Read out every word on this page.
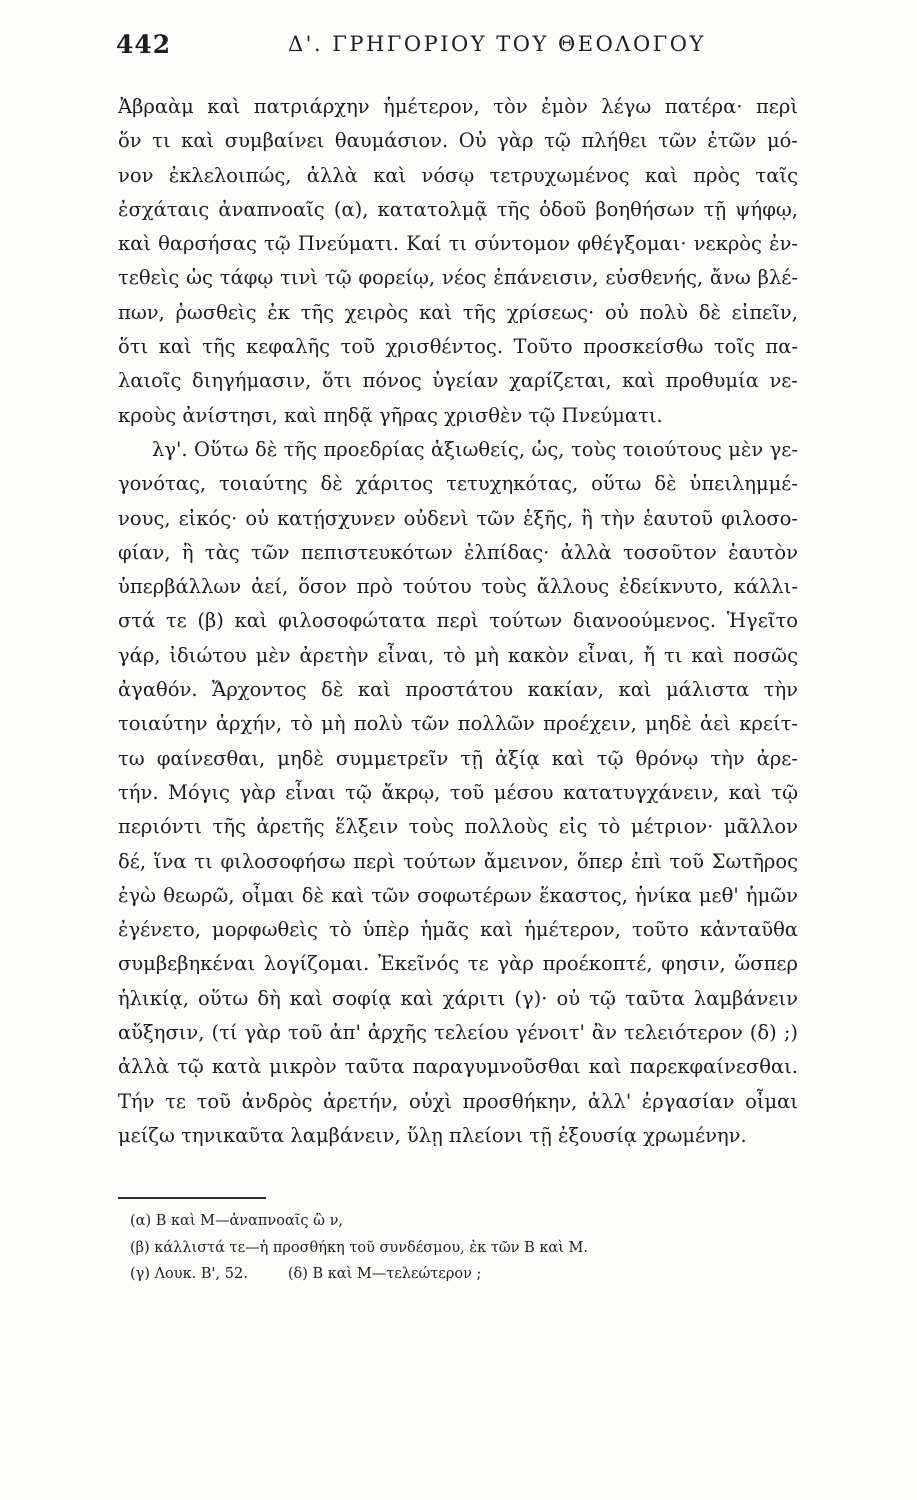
442	Δ'. ΓΡΗΓΟΡΙΟΥ ΤΟΥ ΘΕΟΛΟΓΟΥ
Ἀβραὰμ καὶ πατριάρχην ἡμέτερον, τὸν ἐμὸν λέγω πατέρα· περὶ
ὅν τι καὶ συμβαίνει θαυμάσιον. Οὐ γὰρ τῷ πλήθει τῶν ἐτῶν μό-
νον ἐκλελοιπώς, ἀλλὰ καὶ νόσῳ τετρυχωμένος καὶ πρὸς ταῖς
ἐσχάταις ἀναπνοαῖς (α), κατατολμᾷ τῆς ὁδοῦ βοηθήσων τῇ ψήφῳ,
καὶ θαρσήσας τῷ Πνεύματι. Καί τι σύντομον φθέγξομαι· νεκρὸς ἐν-
τεθεὶς ὡς τάφῳ τινὶ τῷ φορείῳ, νέος ἐπάνεισιν, εὐσθενής, ἄνω βλέ-
πων, ῥωσθεὶς ἐκ τῆς χειρὸς καὶ τῆς χρίσεως· οὐ πολὺ δὲ εἰπεῖν,
ὅτι καὶ τῆς κεφαλῆς τοῦ χρισθέντος. Τοῦτο προσκείσθω τοῖς πα-
λαιοῖς διηγήμασιν, ὅτι πόνος ὑγείαν χαρίζεται, καὶ προθυμία νε-
κροὺς ἀνίστησι, καὶ πηδᾷ γῆρας χρισθὲν τῷ Πνεύματι.
λγ'. Οὕτω δὲ τῆς προεδρίας ἀξιωθείς, ὡς, τοὺς τοιούτους μὲν γε-
γονότας, τοιαύτης δὲ χάριτος τετυχηκότας, οὕτω δὲ ὑπειλημμέ-
νους, εἰκός· οὐ κατῄσχυνεν οὐδενὶ τῶν ἑξῆς, ἢ τὴν ἑαυτοῦ φιλοσο-
φίαν, ἢ τὰς τῶν πεπιστευκότων ἐλπίδας· ἀλλὰ τοσοῦτον ἑαυτὸν
ὑπερβάλλων ἀεί, ὅσον πρὸ τούτου τοὺς ἄλλους ἐδείκνυτο, κάλλι-
στά τε (β) καὶ φιλοσοφώτατα περὶ τούτων διανοούμενος. Ἡγεῖτο
γάρ, ἰδιώτου μὲν ἀρετὴν εἶναι, τὸ μὴ κακὸν εἶναι, ἤ τι καὶ ποσῶς
ἀγαθόν. Ἄρχοντος δὲ καὶ προστάτου κακίαν, καὶ μάλιστα τὴν
τοιαύτην ἀρχήν, τὸ μὴ πολὺ τῶν πολλῶν προέχειν, μηδὲ ἀεὶ κρείτ-
τω φαίνεσθαι, μηδὲ συμμετρεῖν τῇ ἀξίᾳ καὶ τῷ θρόνῳ τὴν ἀρε-
τήν. Μόγις γὰρ εἶναι τῷ ἄκρῳ, τοῦ μέσου κατατυγχάνειν, καὶ τῷ
περιόντι τῆς ἀρετῆς ἕλξειν τοὺς πολλοὺς εἰς τὸ μέτριον· μᾶλλον
δέ, ἵνα τι φιλοσοφήσω περὶ τούτων ἄμεινον, ὅπερ ἐπὶ τοῦ Σωτῆρος
ἐγὼ θεωρῶ, οἶμαι δὲ καὶ τῶν σοφωτέρων ἕκαστος, ἡνίκα μεθ' ἡμῶν
ἐγένετο, μορφωθεὶς τὸ ὑπὲρ ἡμᾶς καὶ ἡμέτερον, τοῦτο κἀνταῦθα
συμβεβηκέναι λογίζομαι. Ἐκεῖνός τε γὰρ προέκοπτέ, φησιν, ὥσπερ
ἡλικίᾳ, οὕτω δὴ καὶ σοφίᾳ καὶ χάριτι (γ)· οὐ τῷ ταῦτα λαμβάνειν
αὔξησιν, (τί γὰρ τοῦ ἀπ' ἀρχῆς τελείου γένοιτ' ἂν τελειότερον (δ) ;)
ἀλλὰ τῷ κατὰ μικρὸν ταῦτα παραγυμνοῦσθαι καὶ παρεκφαίνεσθαι.
Τήν τε τοῦ ἀνδρὸς ἀρετήν, οὐχὶ προσθήκην, ἀλλ' ἐργασίαν οἶμαι
μείζω τηνικαῦτα λαμβάνειν, ὕλῃ πλείονι τῇ ἐξουσίᾳ χρωμένην.
(α) Β καὶ Μ—ἀναπνοαῖς ὢ ν,
(β) κάλλιστά τε—ἡ προσθήκη τοῦ συνδέσμου, ἐκ τῶν Β καὶ Μ.
(γ) Λουκ. Β', 52.	(δ) Β καὶ Μ—τελεώτερον ;
